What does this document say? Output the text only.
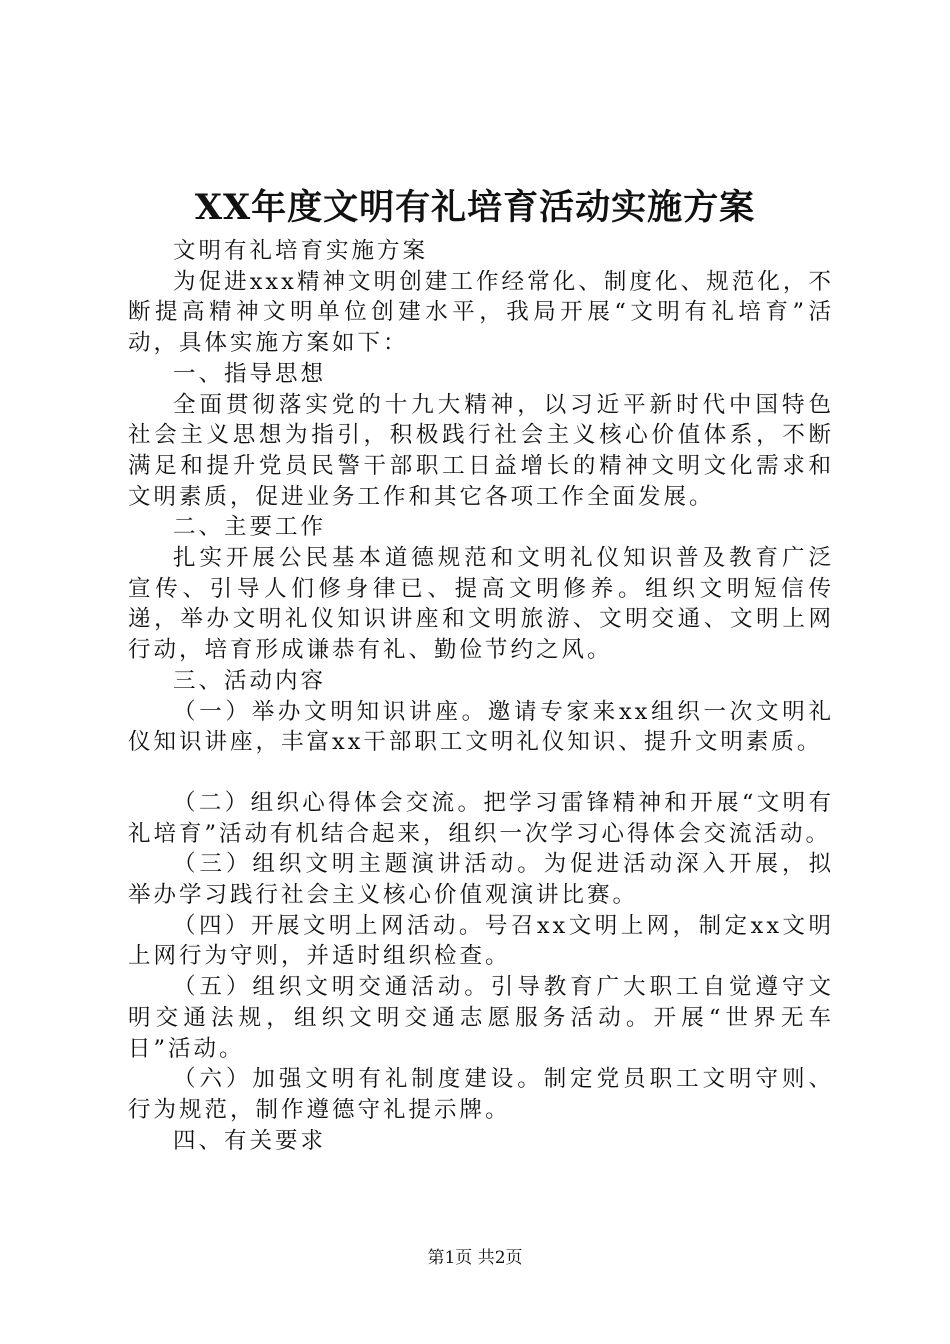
XX年度文明有礼培育活动实施方案

文明有礼培育实施方案

为促进xxx精神文明创建工作经常化、制度化、规范化，不断提高精神文明单位创建水平，我局开展“文明有礼培育”活动，具体实施方案如下：

一、指导思想

全面贯彻落实党的十九大精神，以习近平新时代中国特色社会主义思想为指引，积极践行社会主义核心价值体系，不断满足和提升党员民警干部职工日益增长的精神文明文化需求和文明素质，促进业务工作和其它各项工作全面发展。

二、主要工作

扎实开展公民基本道德规范和文明礼仪知识普及教育广泛宣传、引导人们修身律已、提高文明修养。组织文明短信传递，举办文明礼仪知识讲座和文明旅游、文明交通、文明上网行动，培育形成谦恭有礼、勤俭节约之风。

三、活动内容

（一）举办文明知识讲座。邀请专家来xx组织一次文明礼仪知识讲座，丰富xx干部职工文明礼仪知识、提升文明素质。

（二）组织心得体会交流。把学习雷锋精神和开展“文明有礼培育”活动有机结合起来，组织一次学习心得体会交流活动。

（三）组织文明主题演讲活动。为促进活动深入开展，拟举办学习践行社会主义核心价值观演讲比赛。

（四）开展文明上网活动。号召xx文明上网，制定xx文明上网行为守则，并适时组织检查。

（五）组织文明交通活动。引导教育广大职工自觉遵守文明交通法规，组织文明交通志愿服务活动。开展“世界无车日”活动。

（六）加强文明有礼制度建设。制定党员职工文明守则、行为规范，制作遵德守礼提示牌。

四、有关要求

第1页 共2页
